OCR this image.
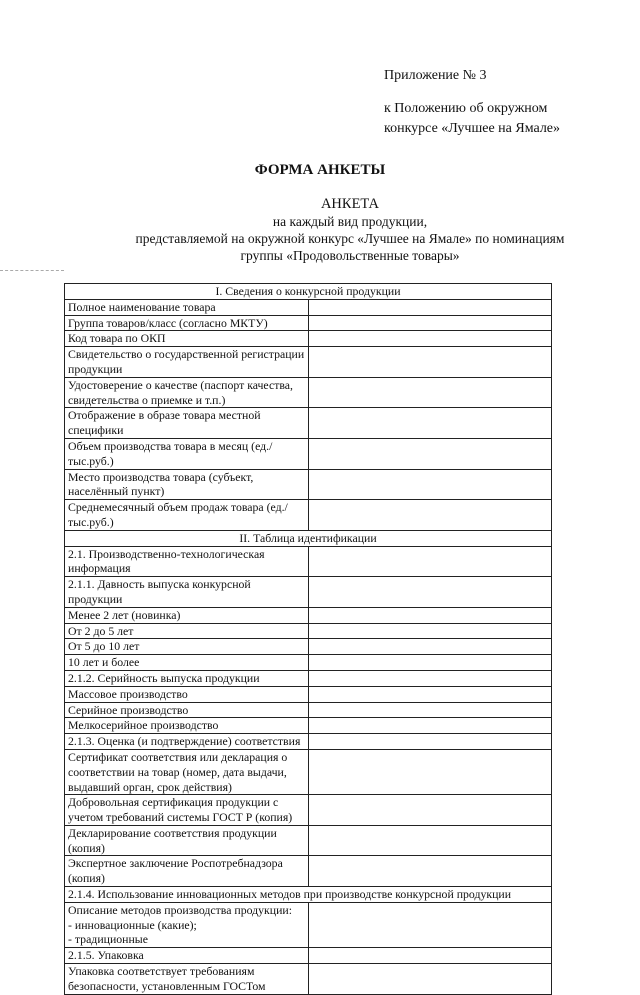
Приложение № 3
к Положению об окружном
конкурсе «Лучшее на Ямале»
ФОРМА АНКЕТЫ
АНКЕТА
на каждый вид продукции,
представляемой на окружной конкурс «Лучшее на Ямале» по номинациям
группы «Продовольственные товары»
I. Сведения о конкурсной продукции	
Полное наименование товара	
Группа товаров/класс (согласно МКТУ)	
Код товара по ОКП	
Свидетельство о государственной регистрации продукции	
Удостоверение о качестве (паспорт качества, свидетельства о приемке и т.п.)	
Отображение в образе товара местной специфики	
Объем производства товара в месяц (ед./тыс.руб.)	
Место производства товара (субъект, населённый пункт)	
Среднемесячный объем продаж товара (ед./тыс.руб.)	
II. Таблица идентификации	
2.1. Производственно-технологическая информация	
2.1.1. Давность выпуска конкурсной продукции	
Менее 2 лет (новинка)	
От 2 до 5 лет	
От 5 до 10 лет	
10 лет и более	
2.1.2. Серийность выпуска продукции	
Массовое производство	
Серийное производство	
Мелкосерийное производство	
2.1.3. Оценка (и подтверждение) соответствия	
Сертификат соответствия или декларация о соответствии на товар (номер, дата выдачи, выдавший орган, срок действия)	
Добровольная сертификация продукции с учетом требований системы ГОСТ Р (копия)	
Декларирование соответствия продукции (копия)	
Экспертное заключение Роспотребнадзора (копия)	
2.1.4. Использование инновационных методов при производстве конкурсной продукции	
Описание методов производства продукции:
- инновационные (какие);
- традиционные	
2.1.5. Упаковка	
Упаковка соответствует требованиям безопасности, установленным ГОСТом	
